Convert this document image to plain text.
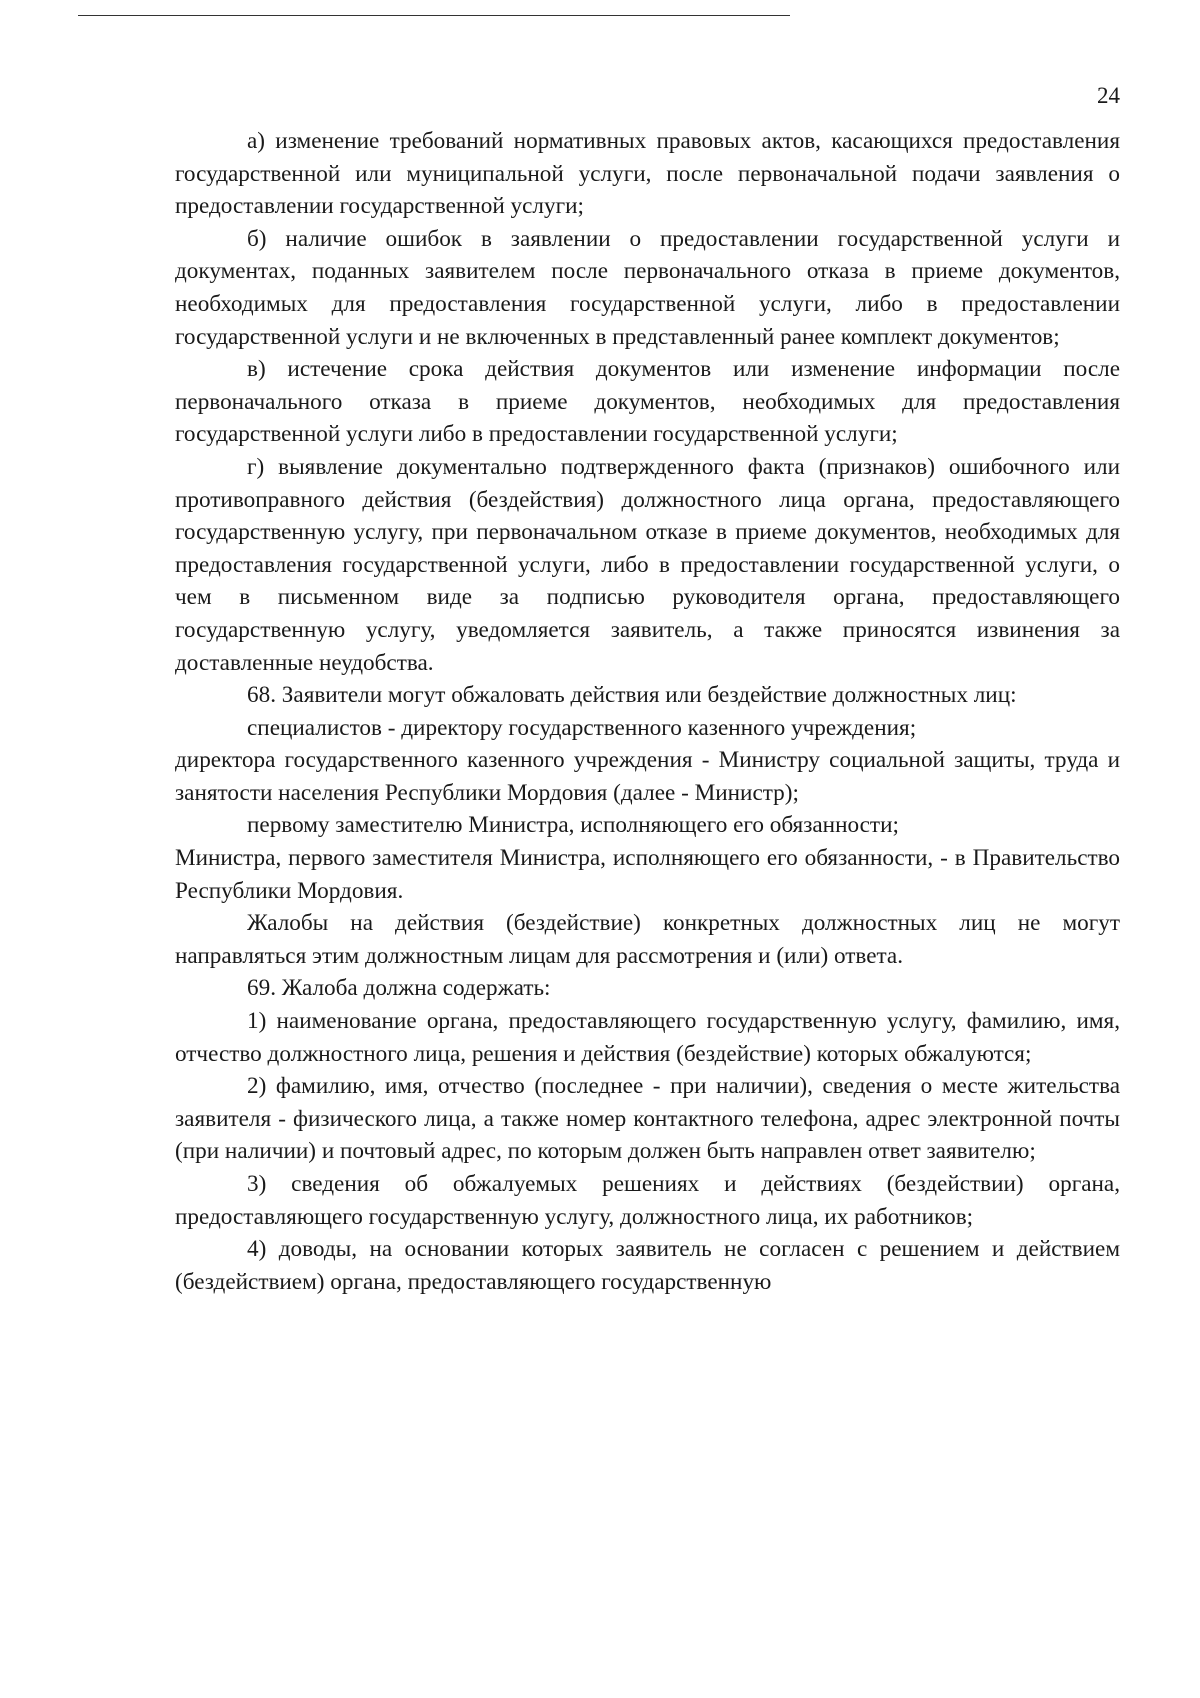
24

а) изменение требований нормативных правовых актов, касающихся предоставления государственной или муниципальной услуги, после первоначальной подачи заявления о предоставлении государственной услуги;

б) наличие ошибок в заявлении о предоставлении государственной услуги и документах, поданных заявителем после первоначального отказа в приеме документов, необходимых для предоставления государственной услуги, либо в предоставлении государственной услуги и не включенных в представленный ранее комплект документов;

в) истечение срока действия документов или изменение информации после первоначального отказа в приеме документов, необходимых для предоставления государственной услуги либо в предоставлении государственной услуги;

г) выявление документально подтвержденного факта (признаков) ошибочного или противоправного действия (бездействия) должностного лица органа, предоставляющего государственную услугу, при первоначальном отказе в приеме документов, необходимых для предоставления государственной услуги, либо в предоставлении государственной услуги, о чем в письменном виде за подписью руководителя органа, предоставляющего государственную услугу, уведомляется заявитель, а также приносятся извинения за доставленные неудобства.

68. Заявители могут обжаловать действия или бездействие должностных лиц:

специалистов - директору государственного казенного учреждения;

директора государственного казенного учреждения - Министру социальной защиты, труда и занятости населения Республики Мордовия (далее - Министр);

первому заместителю Министра, исполняющего его обязанности;

Министра, первого заместителя Министра, исполняющего его обязанности, - в Правительство Республики Мордовия.

Жалобы на действия (бездействие) конкретных должностных лиц не могут направляться этим должностным лицам для рассмотрения и (или) ответа.

69. Жалоба должна содержать:

1) наименование органа, предоставляющего государственную услугу, фамилию, имя, отчество должностного лица, решения и действия (бездействие) которых обжалуются;

2) фамилию, имя, отчество (последнее - при наличии), сведения о месте жительства заявителя - физического лица, а также номер контактного телефона, адрес электронной почты (при наличии) и почтовый адрес, по которым должен быть направлен ответ заявителю;

3) сведения об обжалуемых решениях и действиях (бездействии) органа, предоставляющего государственную услугу, должностного лица, их работников;

4) доводы, на основании которых заявитель не согласен с решением и действием (бездействием) органа, предоставляющего государственную
